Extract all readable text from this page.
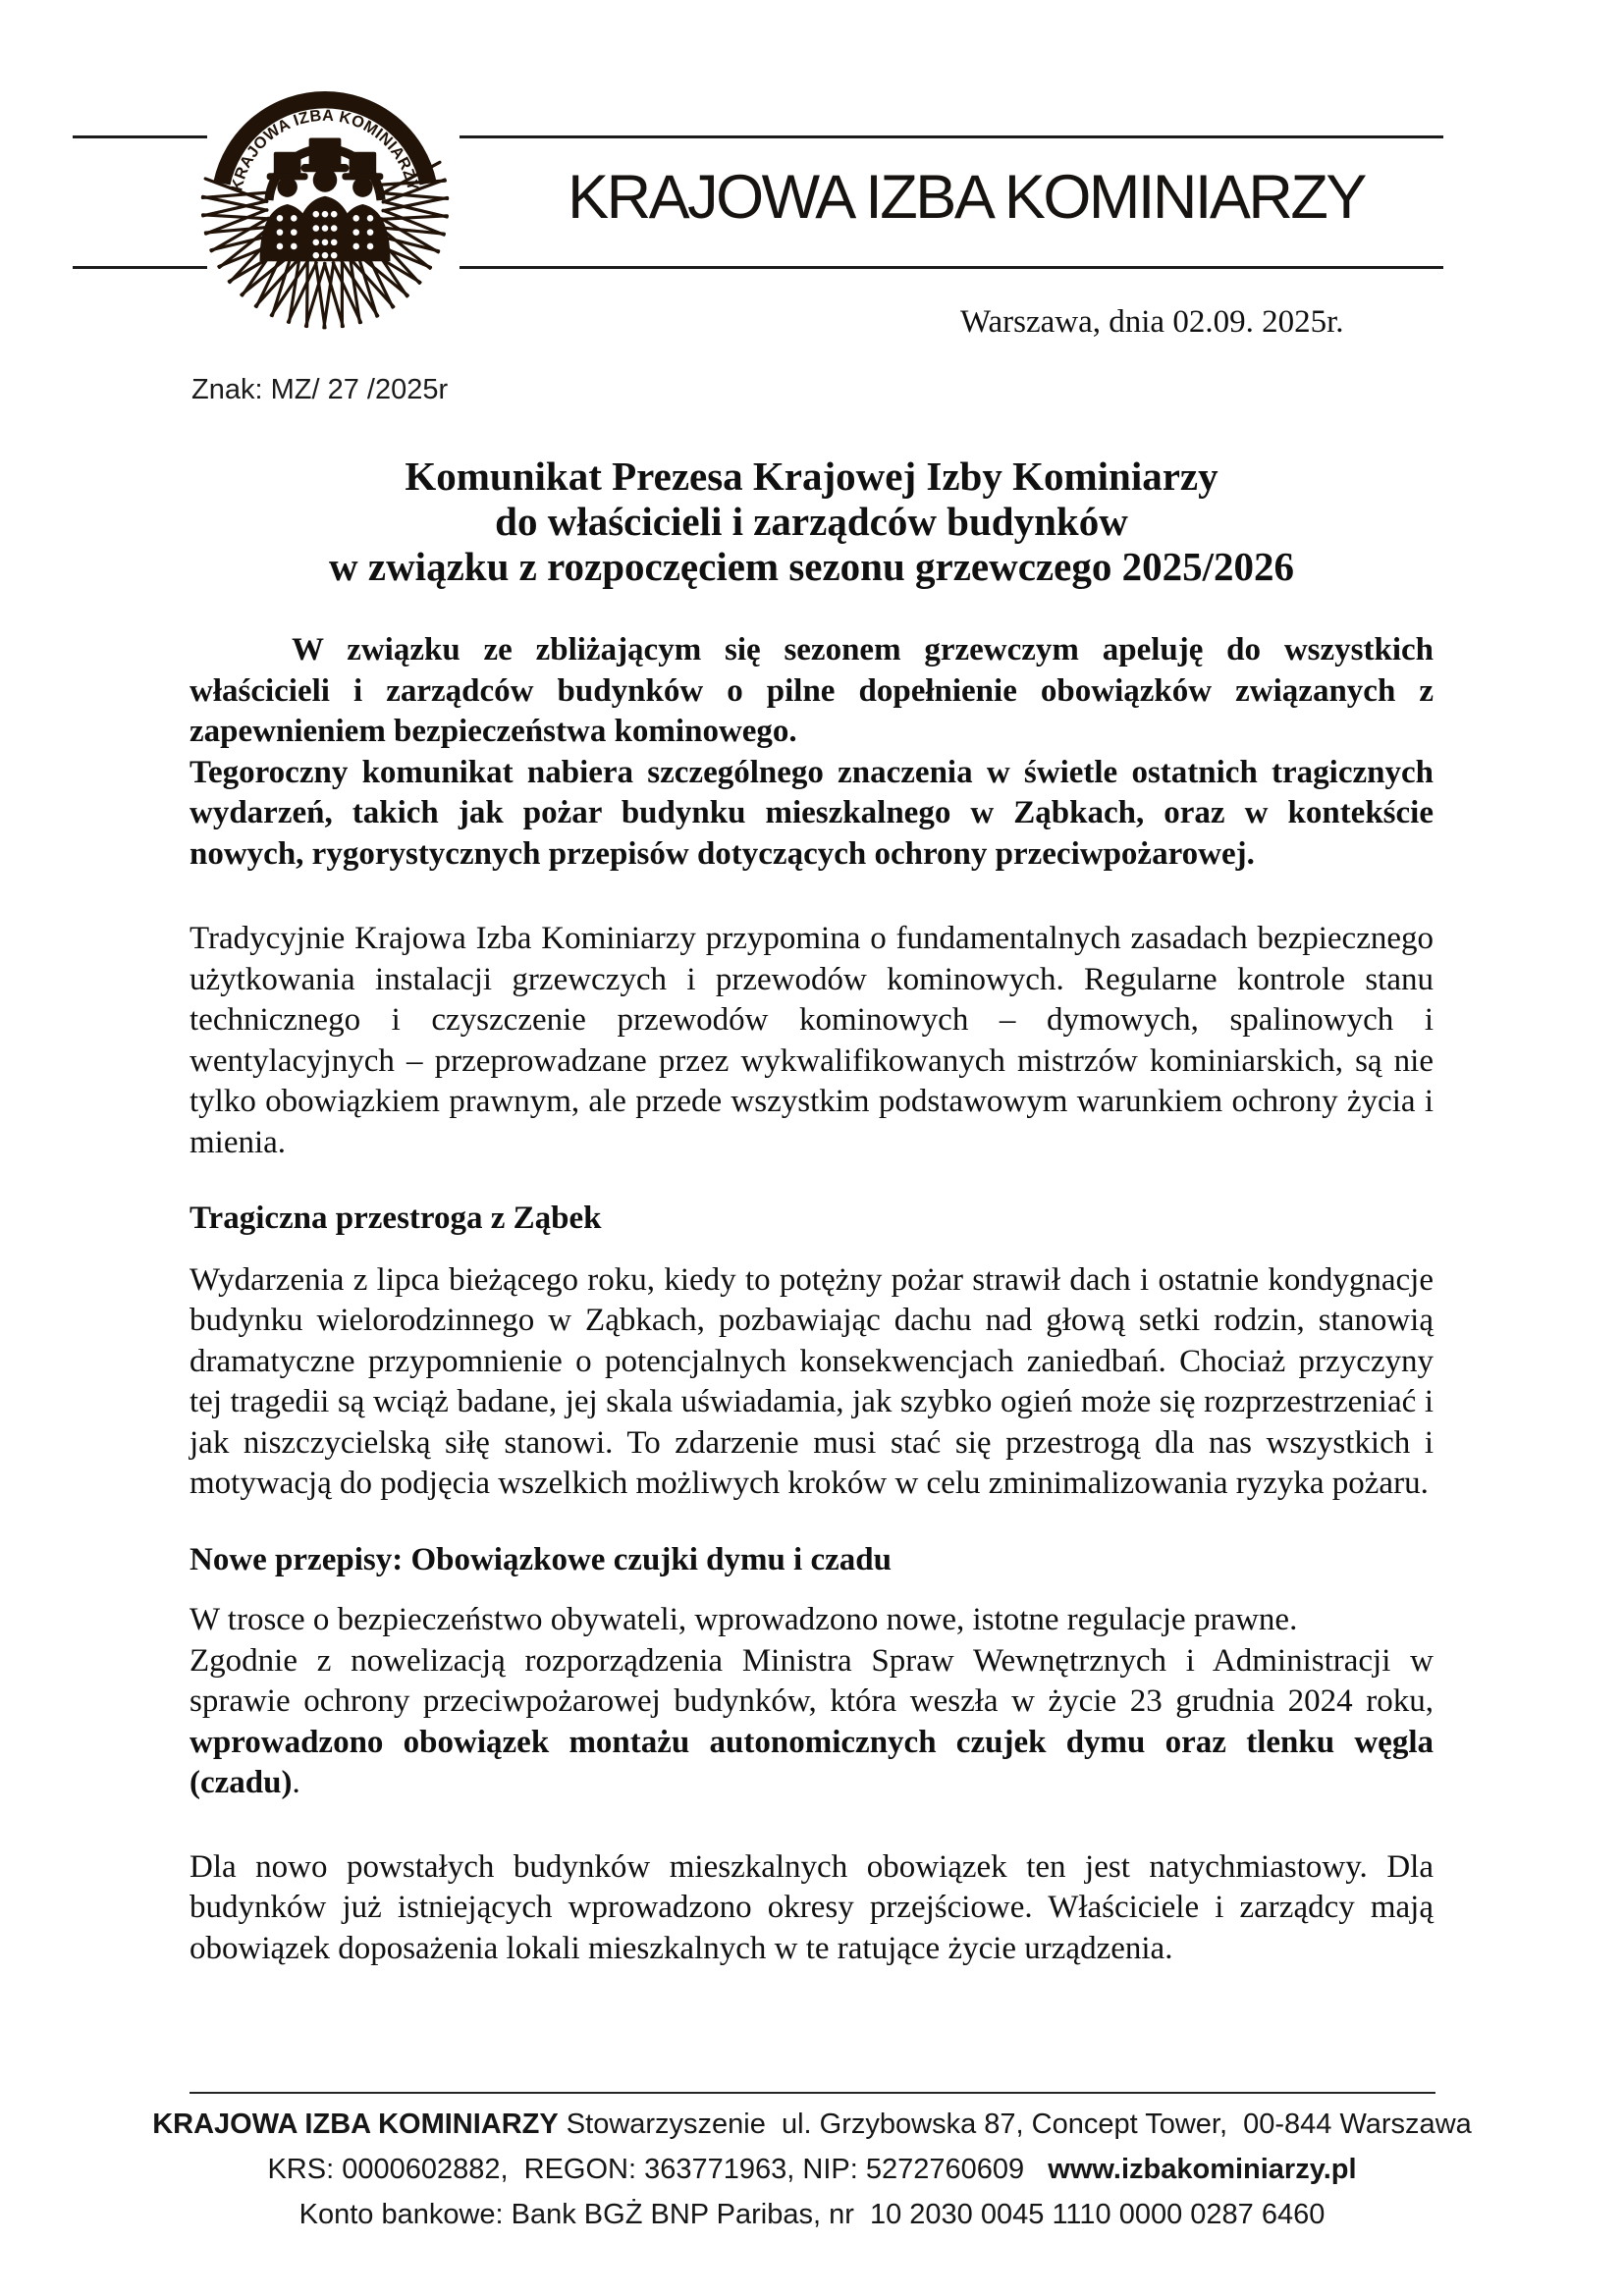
KRAJOWA IZBA KOMINIARZY	KRAJOWA IZBA KOMINIARZY
Warszawa, dnia 02.09. 2025r.
Znak: MZ/ 27 /2025r
Komunikat Prezesa Krajowej Izby Kominiarzy
do właścicieli i zarządców budynków
w związku z rozpoczęciem sezonu grzewczego 2025/2026

W związku ze zbliżającym się sezonem grzewczym apeluję do wszystkich właścicieli i zarządców budynków o pilne dopełnienie obowiązków związanych z zapewnieniem bezpieczeństwa kominowego.

Tegoroczny komunikat nabiera szczególnego znaczenia w świetle ostatnich tragicznych wydarzeń, takich jak pożar budynku mieszkalnego w Ząbkach, oraz w kontekście nowych, rygorystycznych przepisów dotyczących ochrony przeciwpożarowej.

Tradycyjnie Krajowa Izba Kominiarzy przypomina o fundamentalnych zasadach bezpiecznego użytkowania instalacji grzewczych i przewodów kominowych. Regularne kontrole stanu technicznego i czyszczenie przewodów kominowych – dymowych, spalinowych i wentylacyjnych – przeprowadzane przez wykwalifikowanych mistrzów kominiarskich, są nie tylko obowiązkiem prawnym, ale przede wszystkim podstawowym warunkiem ochrony życia i mienia.

Tragiczna przestroga z Ząbek

Wydarzenia z lipca bieżącego roku, kiedy to potężny pożar strawił dach i ostatnie kondygnacje budynku wielorodzinnego w Ząbkach, pozbawiając dachu nad głową setki rodzin, stanowią dramatyczne przypomnienie o potencjalnych konsekwencjach zaniedbań. Chociaż przyczyny tej tragedii są wciąż badane, jej skala uświadamia, jak szybko ogień może się rozprzestrzeniać i jak niszczycielską siłę stanowi. To zdarzenie musi stać się przestrogą dla nas wszystkich i motywacją do podjęcia wszelkich możliwych kroków w celu zminimalizowania ryzyka pożaru.

Nowe przepisy: Obowiązkowe czujki dymu i czadu

W trosce o bezpieczeństwo obywateli, wprowadzono nowe, istotne regulacje prawne.

Zgodnie z nowelizacją rozporządzenia Ministra Spraw Wewnętrznych i Administracji w sprawie ochrony przeciwpożarowej budynków, która weszła w życie 23 grudnia 2024 roku, wprowadzono obowiązek montażu autonomicznych czujek dymu oraz tlenku węgla (czadu).

Dla nowo powstałych budynków mieszkalnych obowiązek ten jest natychmiastowy. Dla budynków już istniejących wprowadzono okresy przejściowe. Właściciele i zarządcy mają obowiązek doposażenia lokali mieszkalnych w te ratujące życie urządzenia.

KRAJOWA IZBA KOMINIARZY Stowarzyszenie  ul. Grzybowska 87, Concept Tower,  00-844 Warszawa
KRS: 0000602882,  REGON: 363771963, NIP: 5272760609   www.izbakominiarzy.pl
Konto bankowe: Bank BGŻ BNP Paribas, nr  10 2030 0045 1110 0000 0287 6460
